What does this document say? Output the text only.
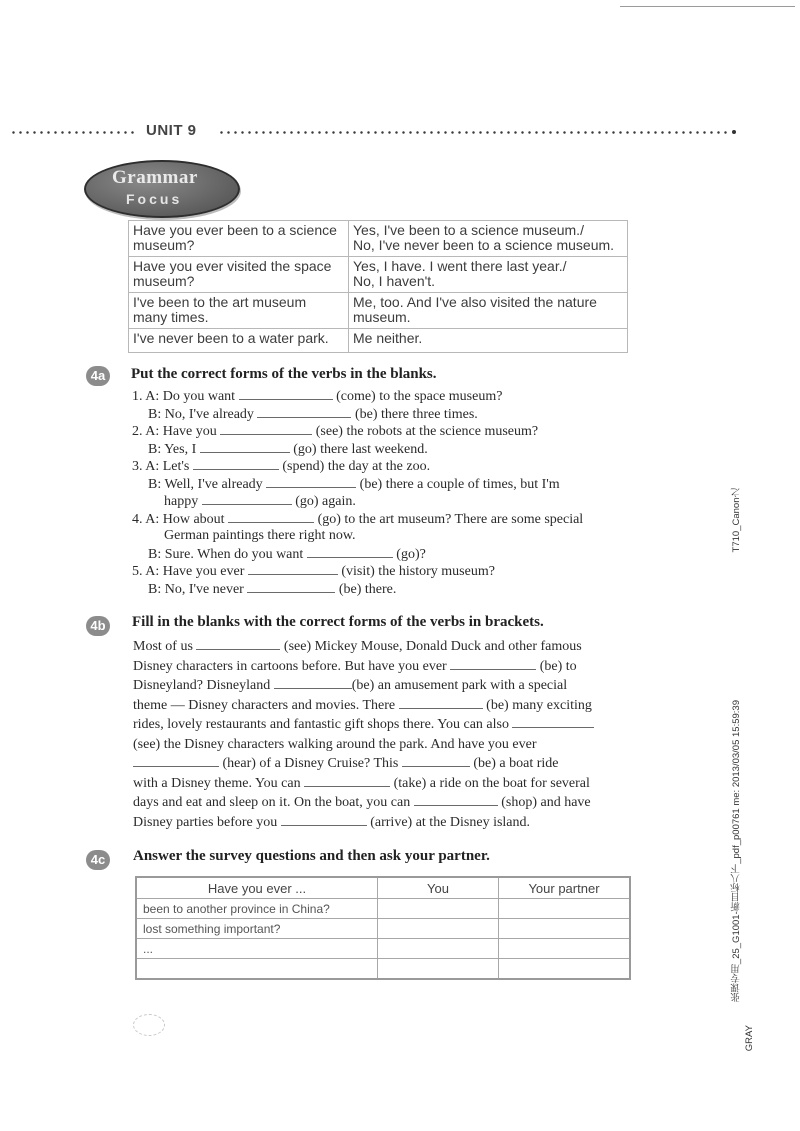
UNIT 9
Grammar
Focus
Have you ever been to a science
museum?	Yes, I've been to a science museum./
No, I've never been to a science museum.
Have you ever visited the space
museum?	Yes, I have. I went there last year./
No, I haven't.
I've been to the art museum
many times.	Me, too. And I've also visited the nature
museum.
I've never been to a water park.	Me neither.
4a	Put the correct forms of the verbs in the blanks.
1. A: Do you want	(come) to the space museum?
B: No, I've already	(be) there three times.
2. A: Have you	(see) the robots at the science museum?
B: Yes, I	(go) there last weekend.
3. A: Let's	(spend) the day at the zoo.
B: Well, I've already	(be) there a couple of times, but I'm
happy	(go) again.
4. A: How about	(go) to the art museum? There are some special
German paintings there right now.
B: Sure. When do you want	(go)?
5. A: Have you ever	(visit) the history museum?
B: No, I've never	(be) there.
4b Fill in the blanks with the correct forms of the verbs in brackets.
Most of us	(see) Mickey Mouse, Donald Duck and other famous
Disney characters in cartoons before. But have you ever	(be) to
Disneyland? Disneyland	(be) an amusement park with a special
theme — Disney characters and movies. There	(be) many exciting
rides, lovely restaurants and fantastic gift shops there. You can also
(see) the Disney characters walking around the park. And have you ever
(hear) of a Disney Cruise? This	(be) a boat ride
with a Disney theme. You can	(take) a ride on the boat for several
days and eat and sleep on it. On the boat, you can	(shop) and have
Disney parties before you	(arrive) at the Disney island.
4c	Answer the survey questions and then ask your partner.
Have you ever ...	You	Your partner
been to another province in China?		
lost something important?		
...		

T710_Canon之
张课专用_25_G1001-新目标八下_pdf_p00761 me: 2013/03/05 15:59:39
GRAY
